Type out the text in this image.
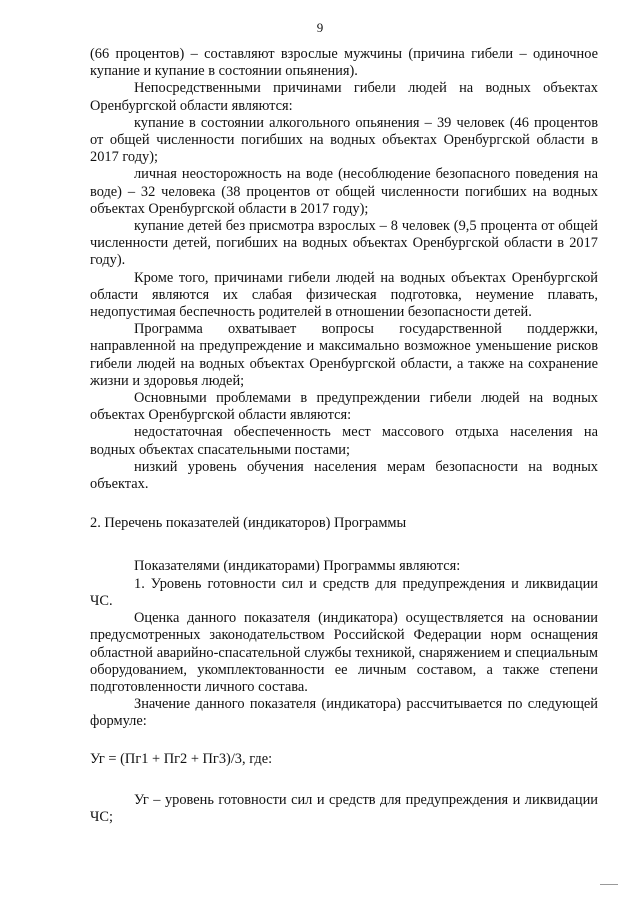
9
(66 процентов) – составляют взрослые мужчины (причина гибели – одиночное купание и купание в состоянии опьянения).
Непосредственными причинами гибели людей на водных объектах Оренбургской области являются:
купание в состоянии алкогольного опьянения – 39 человек (46 процентов от общей численности погибших на водных объектах Оренбургской области в 2017 году);
личная неосторожность на воде (несоблюдение безопасного поведения на воде) – 32 человека (38 процентов от общей численности погибших на водных объектах Оренбургской области в 2017 году);
купание детей без присмотра взрослых – 8 человек (9,5 процента от общей численности детей, погибших на водных объектах Оренбургской области в 2017 году).
Кроме того, причинами гибели людей на водных объектах Оренбургской области являются их слабая физическая подготовка, неумение плавать, недопустимая беспечность родителей в отношении безопасности детей.
Программа охватывает вопросы государственной поддержки, направленной на предупреждение и максимально возможное уменьшение рисков гибели людей на водных объектах Оренбургской области, а также на сохранение жизни и здоровья людей;
Основными проблемами в предупреждении гибели людей на водных объектах Оренбургской области являются:
недостаточная обеспеченность мест массового отдыха населения на водных объектах спасательными постами;
низкий уровень обучения населения мерам безопасности на водных объектах.
2. Перечень показателей (индикаторов) Программы
Показателями (индикаторами) Программы являются:
1. Уровень готовности сил и средств для предупреждения и ликвидации ЧС.
Оценка данного показателя (индикатора) осуществляется на основании предусмотренных законодательством Российской Федерации норм оснащения областной аварийно-спасательной службы техникой, снаряжением и специальным оборудованием, укомплектованности ее личным составом, а также степени подготовленности личного состава.
Значение данного показателя (индикатора) рассчитывается по следующей формуле:
Уг = (Пг1 + Пг2 + Пг3)/3, где:
Уг – уровень готовности сил и средств для предупреждения и ликвидации ЧС;
